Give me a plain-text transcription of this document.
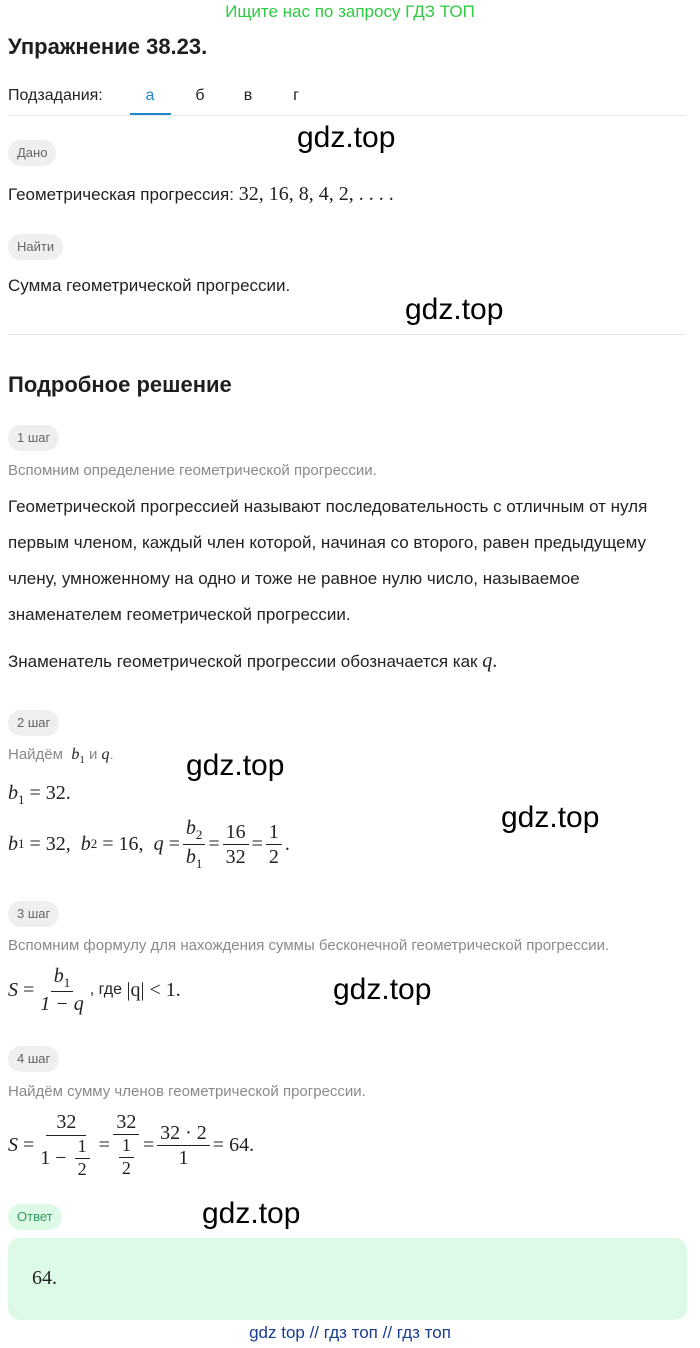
Ищите нас по запросу ГДЗ ТОП
Упражнение 38.23.
Подзадания:	а	б	в	г
Дано
Геометрическая прогрессия: 32, 16, 8, 4, 2, . . . .
Найти
Сумма геометрической прогрессии.
Подробное решение
1 шаг
Вспомним определение геометрической прогрессии.
Геометрической прогрессией называют последовательность с отличным от нуля первым членом, каждый член которой, начиная со второго, равен предыдущему члену, умноженному на одно и тоже не равное нулю число, называемое знаменателем геометрической прогрессии.
Знаменатель геометрической прогрессии обозначается как q.
2 шаг
Найдём $b_1$ и q.
$b_1 = 32$.
b 1
= 32,
b 2
= 16,
$q = \frac{b_2}{b_1} = \frac{16}{32} = \frac{1}{2}$ .
3 шаг
Вспомним формулу для нахождения суммы бесконечной геометрической прогрессии.
$S = \frac{b_1}{1 - q}$ , где |q| < 1.
4 шаг
Найдём сумму членов геометрической прогрессии.
S = 32
1 −
$\frac{1}{2} = \frac{32}{\frac{1}{2}} = \frac{32 \cdot 2}{1} = 64$.
Ответ
64.
gdz.top
gdz.top
gdz.top
gdz.top
gdz.top
gdz.top
gdz top // гдз топ // гдз топ
